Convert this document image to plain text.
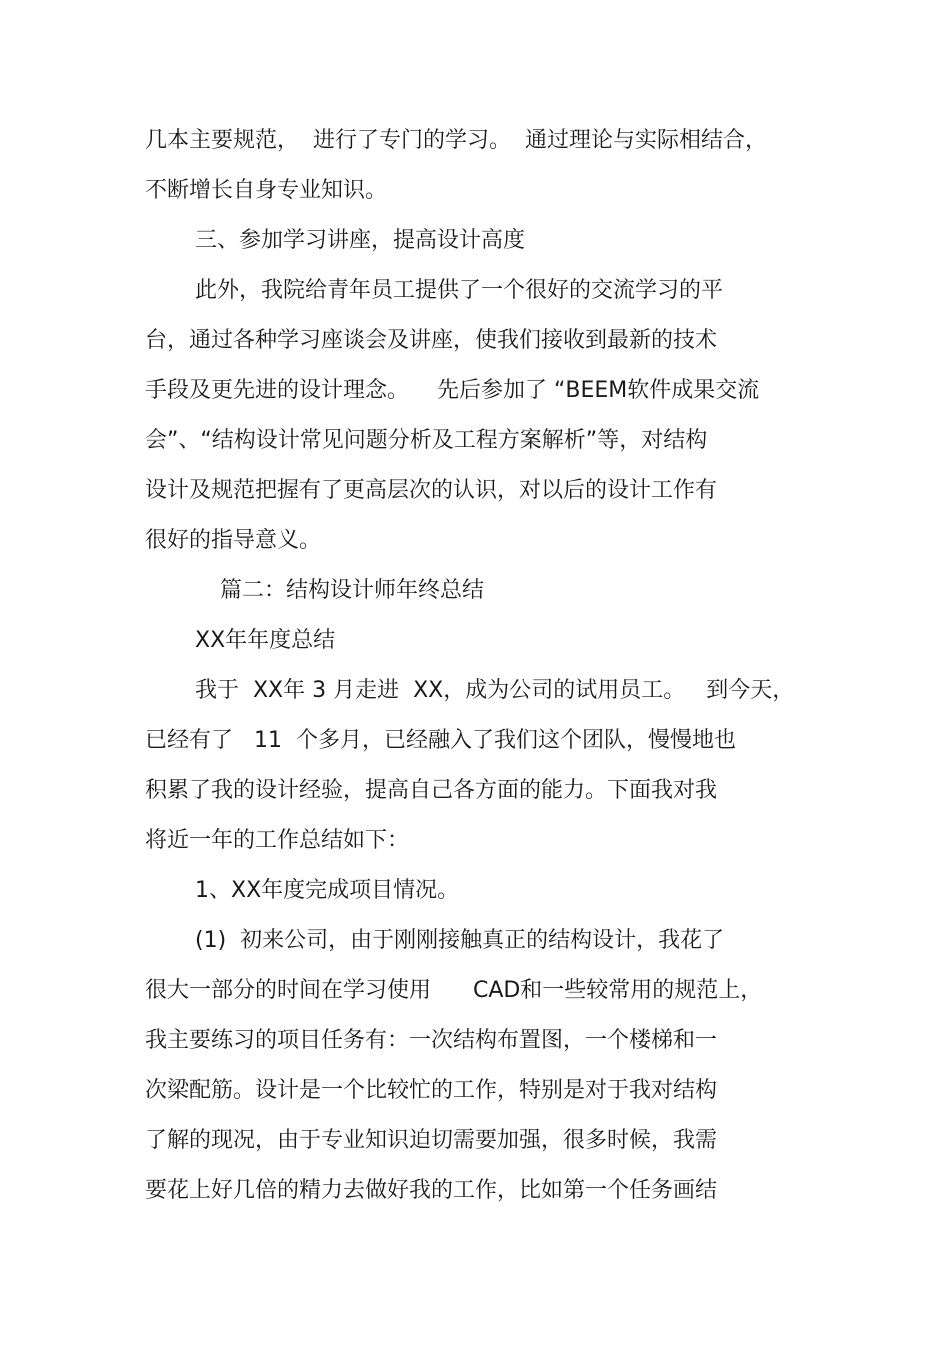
几本主要规范，  进行了专门的学习。  通过理论与实际相结合，
不断增长自身专业知识。
三、参加学习讲座，提高设计高度
此外，我院给青年员工提供了一个很好的交流学习的平
台，通过各种学习座谈会及讲座，使我们接收到最新的技术
手段及更先进的设计理念。    先后参加了 “BEEM软件成果交流
会”、“结构设计常见问题分析及工程方案解析”等，对结构
设计及规范把握有了更高层次的认识，对以后的设计工作有
很好的指导意义。
篇二：结构设计师年终总结
XX年年度总结
我于  XX年 3 月走进  XX，成为公司的试用员工。   到今天，
已经有了   11  个多月，已经融入了我们这个团队，慢慢地也
积累了我的设计经验，提高自己各方面的能力。下面我对我
将近一年的工作总结如下：
1、XX年度完成项目情况。
(1)  初来公司，由于刚刚接触真正的结构设计，我花了
很大一部分的时间在学习使用      CAD和一些较常用的规范上，
我主要练习的项目任务有：一次结构布置图，一个楼梯和一
次梁配筋。设计是一个比较忙的工作，特别是对于我对结构
了解的现况，由于专业知识迫切需要加强，很多时候，我需
要花上好几倍的精力去做好我的工作，比如第一个任务画结
